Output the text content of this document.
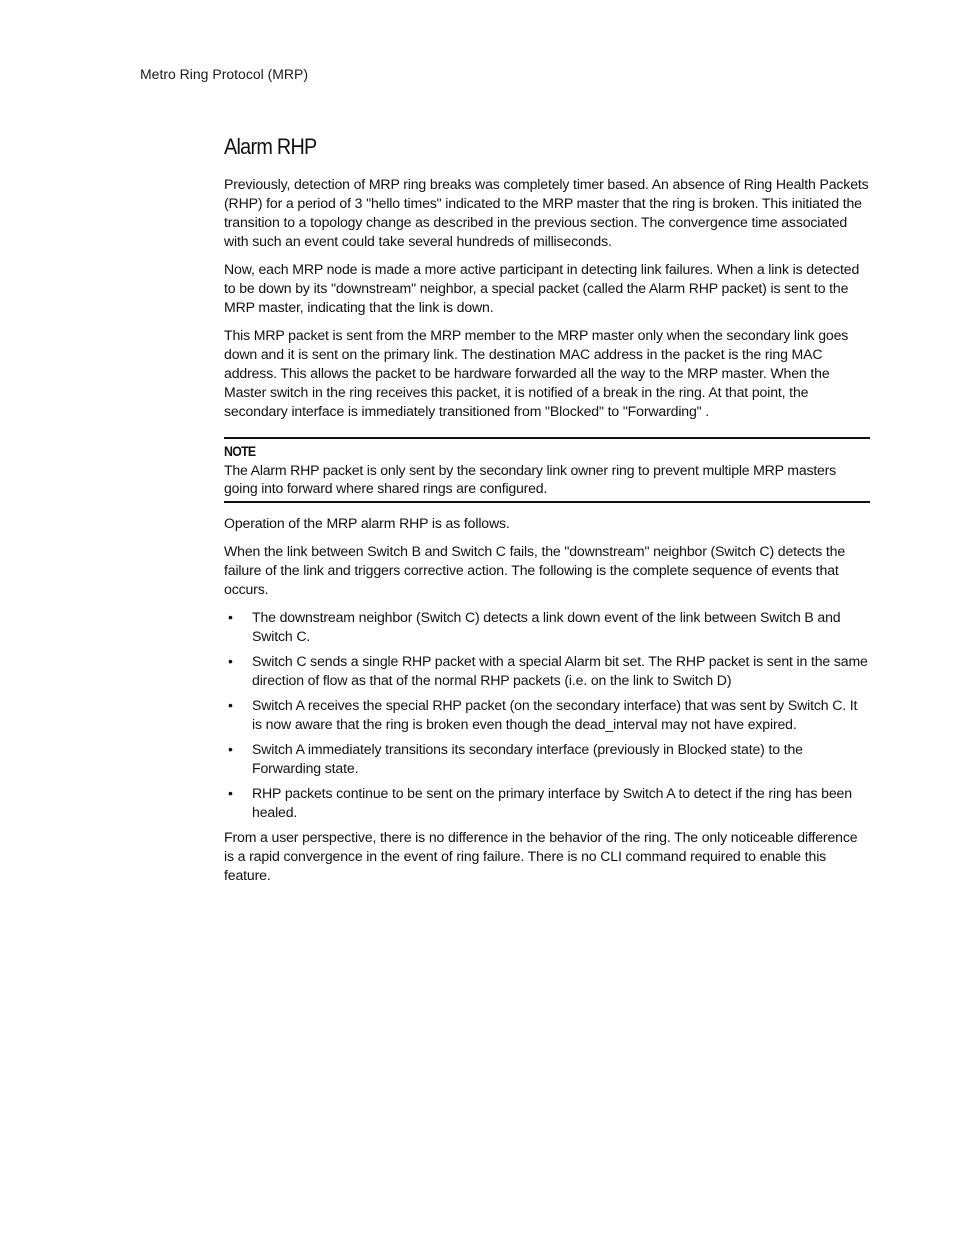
Metro Ring Protocol (MRP)
Alarm RHP

Previously, detection of MRP ring breaks was completely timer based. An absence of Ring Health Packets (RHP) for a period of 3 "hello times" indicated to the MRP master that the ring is broken. This initiated the transition to a topology change as described in the previous section. The convergence time associated with such an event could take several hundreds of milliseconds.

Now, each MRP node is made a more active participant in detecting link failures. When a link is detected to be down by its "downstream" neighbor, a special packet (called the Alarm RHP packet) is sent to the MRP master, indicating that the link is down.

This MRP packet is sent from the MRP member to the MRP master only when the secondary link goes down and it is sent on the primary link. The destination MAC address in the packet is the ring MAC address. This allows the packet to be hardware forwarded all the way to the MRP master. When the Master switch in the ring receives this packet, it is notified of a break in the ring. At that point, the secondary interface is immediately transitioned from "Blocked" to "Forwarding" .

NOTE
The Alarm RHP packet is only sent by the secondary link owner ring to prevent multiple MRP masters going into forward where shared rings are configured.

Operation of the MRP alarm RHP is as follows.

When the link between Switch B and Switch C fails, the "downstream" neighbor (Switch C) detects the failure of the link and triggers corrective action. The following is the complete sequence of events that occurs.

• The downstream neighbor (Switch C) detects a link down event of the link between Switch B and Switch C.
• Switch C sends a single RHP packet with a special Alarm bit set. The RHP packet is sent in the same direction of flow as that of the normal RHP packets (i.e. on the link to Switch D)
• Switch A receives the special RHP packet (on the secondary interface) that was sent by Switch C. It is now aware that the ring is broken even though the dead_interval may not have expired.
• Switch A immediately transitions its secondary interface (previously in Blocked state) to the Forwarding state.
• RHP packets continue to be sent on the primary interface by Switch A to detect if the ring has been healed.

From a user perspective, there is no difference in the behavior of the ring. The only noticeable difference is a rapid convergence in the event of ring failure. There is no CLI command required to enable this feature.
